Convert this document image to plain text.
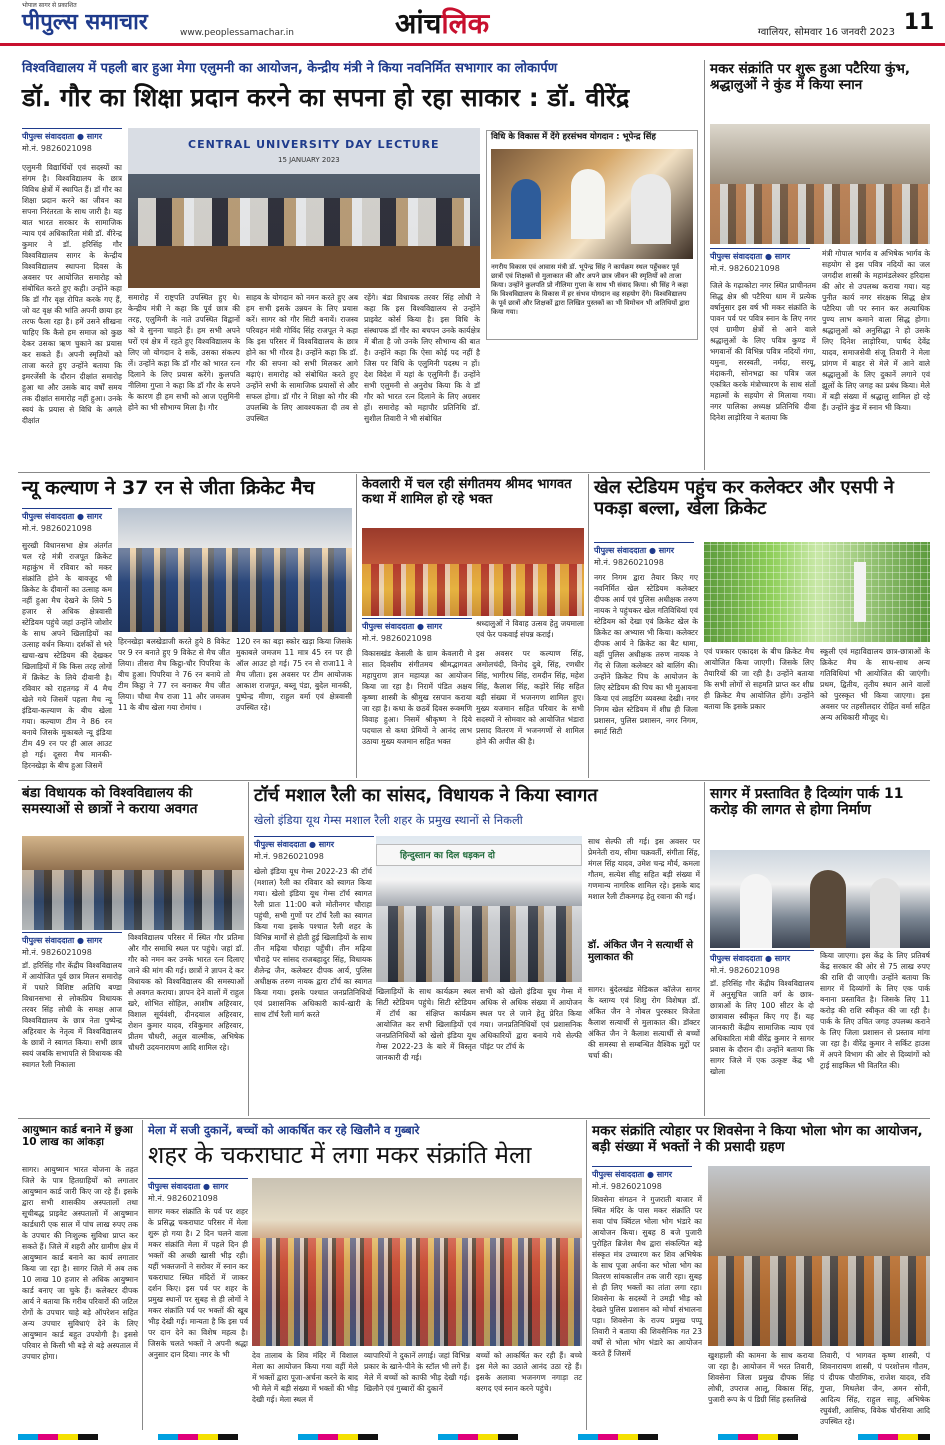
भोपाल सागर से प्रकाशित
पीपुल्स समाचार	www.peoplessamachar.in	आंचलिक	ग्वालियर, सोमवार 16 जनवरी 2023 11
विश्वविद्यालय में पहली बार हुआ मेगा एलुमनी का आयोजन, केन्द्रीय मंत्री ने किया नवनिर्मित सभागार का लोकार्पण
डॉ. गौर का शिक्षा प्रदान करने का सपना हो रहा साकार : डॉ. वीरेंद्र
पीपुल्स संवाददाता ● सागर
मो.नं. 9826021098	CENTRAL UNIVERSITY DAY LECTURE
15 JANUARY 2023
एलुमनी विद्यार्थियों एवं सदस्यों का संगम है। विश्वविद्यालय के छात्र विविध क्षेत्रों में स्थापित हैं। डॉ गौर का शिक्षा प्रदान करने का जीवन का सपना निरंतरता के साथ जारी है। यह बात भारत सरकार के सामाजिक न्याय एवं अधिकारिता मंत्री डॉ. वीरेन्द्र कुमार ने डॉ. हरिसिंह गौर विश्वविद्यालय सागर के केन्द्रीय विश्वविद्यालय स्थापना दिवस के अवसर पर आयोजित समारोह को संबोधित करते हुए कही। उन्होंने कहा कि डॉ गौर वृक्ष रोपित करके गए हैं, जो वट वृक्ष की भांति अपनी छाया हर तरफ फैला रहा है। हमें उसने सीखना चाहिए कि कैसे हम समाज को कुछ देकर उसका ऋण चुकाने का प्रयास कर सकते हैं। अपनी स्मृतियों को ताजा करते हुए उन्होंने बताया कि इमरजेंसी के दौरान दीक्षांत समारोह हुआ था और उसके बाद वर्षों समय तक दीक्षांत समारोह नहीं हुआ। उनके स्वयं के प्रयास से विधि के अगले दीक्षांत
समारोह में राष्ट्रपति उपस्थित हुए थे। केन्द्रीय मंत्री ने कहा कि पूर्व छात्र की तरह, एलुमिनी के नाते उपस्थित विद्वानों को वे सुनना चाहते हैं। हम सभी अपने घरों एवं क्षेत्र में रहते हुए विश्वविद्यालय के लिए जो योगदान दे सकें, उसका संकल्प लें। उन्होंने कहा कि डॉ गौर को भारत रत्न दिलाने के लिए प्रयास करेंगे। कुलपति नीलिमा गुप्ता ने कहा कि डॉ गौर के सपने के कारण ही हम सभी को आज एलुमिनी होने का भी सौभाग्य मिला है। गौर
साहब के योगदान को नमन करते हुए अब हम सभी इसके उन्नयन के लिए प्रयास करें। सागर को गौर सिटी बनायें। राजस्व परिवहन मंत्री गोविंद सिंह राजपूत ने कहा कि इस परिसर में विश्वविद्यालय के छात्र होने का भी गौरव है। उन्होंने कहा कि डॉ. गौर की सपना को सभी मिलकर आगे बढ़ाएं। समारोह को संबोधित करते हुए उन्होंने सभी के सामाजिक प्रयासों से और सफल होगा। डॉ गौर ने शिक्षा को गौर की उपलब्धि के लिए आवश्यकता दी तब से उपस्थित
रहेंगे। बंडा विधायक तरवर सिंह लोधी ने कहा कि इस विश्वविद्यालय से उन्होंने प्राइवेट कोर्स किया है। इस विधि के संस्थापक डॉ गौर का बचपन उनके कार्यक्षेत्र में बीता है जो उनके लिए सौभाग्य की बात है। उन्होंने कहा कि ऐसा कोई पद नहीं है जिस पर विधि के एलुमिनी पदस्थ न हों। देश विदेश में यहां के एलुमिनी हैं। उन्होंने सभी एलुमनी से अनुरोध किया कि वे डॉ गौर को भारत रत्न दिलाने के लिए अग्रसर हों। समारोह को महापौर प्रतिनिधि डॉ. सुशील तिवारी ने भी संबोधित
विधि के विकास में देंगे हरसंभव योगदान : भूपेन्द्र सिंह
नगरीय विकास एवं आवास मंत्री डॉ. भूपेन्द्र सिंह ने कार्यक्रम स्थल पहुँचकर पूर्व छात्रों एवं शिक्षकों से मुलाकात की और अपने छात्र जीवन की स्मृतियों को ताजा किया। उन्होंने कुलपति प्रो नीलिमा गुप्ता के साथ भी संवाद किया। श्री सिंह ने कहा कि विश्वविद्यालय के विकास में हर संभव योगदान वह सहयोग देंगे। विश्वविद्यालय के पूर्व छात्रों और शिक्षकों द्वारा लिखित पुस्तकों का भी विमोचन भी अतिथियों द्वारा किया गया।
मकर संक्रांति पर शुरू हुआ पटैरिया कुंभ, श्रद्धालुओं ने कुंड में किया स्नान
पीपुल्स संवाददाता ● सागर
मो.नं. 9826021098
जिले के गढ़ाकोटा नगर स्थित प्राचीनतम सिद्ध क्षेत्र श्री पटैरिया धाम में प्रत्येक वर्षानुसार इस वर्ष भी मकर संक्रांति के पावन पर्व पर पवित्र स्नान के लिए नगर एवं ग्रामीण क्षेत्रों से आने वाले श्रद्धालुओं के लिए पवित्र कुण्ड में भगवानों की विभिन्न पवित्र नदियों गंगा, यमुना, सरस्वती, नर्मदा, सरयू, मंदाकनी, सोनभद्रा का पवित्र जल एकत्रित करके मंत्रोच्चारण के साथ संतों महात्मों के सहयोग से मिलाया गया। नगर पालिका अध्यक्ष प्रतिनिधि दीवा दिनेश लाड़ोरिया ने बताया कि
मंत्री गोपाल भार्गव व अभिषेक भार्गव के सहयोग से इस पवित्र नदियों का जल जगदीश शास्त्री के महामंडलेश्वर हरिदास की ओर से उपलब्ध कराया गया। यह पुनीत कार्य नगर संरक्षक सिद्ध क्षेत्र पटैरिया जी पर स्नान कर अत्याधिक पुण्य लाभ कमाने वाला सिद्ध होगा। श्रद्धालुओं को अनुसिद्धा ने हो उसके लिए दिनेश लाड़ोरिया, पार्षद देवेंद्र यादव, समाजसेवी संजू तिवारी ने मेला प्रांगण में बाहर से मेले में आने वाले श्रद्धालुओं के लिए दुकानें लगाने एवं झूलों के लिए जगह का प्रबंध किया। मेले में बड़ी संख्या में श्रद्धालु शामिल हो रहे हैं। उन्होंने कुंड में स्नान भी किया।
न्यू कल्याण ने 37 रन से जीता क्रिकेट मैच
पीपुल्स संवाददाता ● सागर
मो.नं. 9826021098
सुरखी विधानसभा क्षेत्र अंतर्गत चल रहे मंत्री राजपूत क्रिकेट महाकुंभ में रविवार को मकर संक्रांति होने के बावजूद भी क्रिकेट के दीवानों का उत्साह कम नहीं हुआ मैच देखने के लिये 5 हजार से अधिक क्षेत्रवासी स्टेडियम पहुंचे जहां उन्होंने जोशोर के साथ अपने खिलाड़ियों का उत्साह वर्धन किया। दर्शकों से भरे खचा-खच स्टेडियम की देखकर खिलाड़ियों में कि किस तरह लोगों में क्रिकेट के लिये दीवानी है। रविवार को राहतगढ़ में 4 मैच खेले गये जिसमें पहला मैच न्यू इंडिया-कल्याण के बीच खेला गया। कल्याण टीम ने 86 रन बनाये जिसके मुकाबले न्यू इंडिया टीम 49 रन पर ही आल आउट हो गई। दूसरा मैच मानकी-हिरनखेड़ा के बीच हुआ जिसमें
हिरनखेड़ा बलखेडाजी करते हुये 8 विकेट पर 9 रन बनाते हुए 9 विकेट से मैच जीत लिया। तीसरा मैच किट्ठा-चौर पिपरिया के बीच हुआ। पिपरिया ने 76 रन बनाये तो टीम किट्ठा ने 77 रन बनाकर मैच जीत लिया। चौथा मैच राजा 11 और जमजम 11 के बीच खेला गया रोमांच ।
120 रन का बड़ा स्कोर खड़ा किया जिसके मुकाबले जमजम 11 मात्र 45 रन पर ही ऑल आउट हो गई। 75 रन से राजा11 ने मैच जीता। इस अवसर पर टीम आयोजक आकाश राजपूत, बब्लू पंडा, बुदेल मानकी, पुष्पेन्द्र मीणा, राहुल वर्मा एवं क्षेत्रवासी उपस्थित रहे।
केवलारी में चल रही संगीतमय श्रीमद भागवत कथा में शामिल हो रहे भक्त
पीपुल्स संवाददाता ● सागर
मो.नं. 9826021098
श्रध्दालुओं ने विवाह उत्सव हेतु जयमाला एवं फेर पकवाई संपन्न कराई।
विकासखंड केसली के ग्राम केवलारी मे सात दिवसीय संगीतमय श्रीमद्भागवत महापुराण ज्ञान महायज्ञ का आयोजन किया जा रहा है। निरामें पंडित अक्षय कृष्णा शास्त्री के श्रीमुख रसपान कराया जा रहा है। कथा के छठवें दिवस रूक्मणि विवाह हुआ। निसमें श्रीकृष्ण ने दिये पदचाल से कथा प्रेमियों ने आनंद लाभ उठाया मुख्य यजमान सहित भक्त
इस अवसर पर कल्याण सिंह, अमोलचंदी, विनोद दुबे, सिंह, रणधीर सिंह, भागीरथ सिंह, रामदीन सिंह, महेश सिंह, कैलाश सिंह, कड़ोरे सिंह सहित बड़ी संख्या में भजनगण शामिल हुए। मुख्य यजमान सहित परिवार के सभी सदस्यों ने सोमवार को आयोजित भंडारा प्रसाद वितरण में भजनगणों से शामिल होने की अपील की है।
खेल स्टेडियम पहुंच कर कलेक्टर और एसपी ने पकड़ा बल्ला, खेला क्रिकेट
पीपुल्स संवाददाता ● सागर
मो.नं. 9826021098
नगर निगम द्वारा तैयार किए गए नवनिर्मित खेल स्टेडियम कलेक्टर दीपक आर्य एवं पुलिस अधीक्षक तरुण नायक ने पहुंचकर खेल गतिविधियां एवं स्टेडियम को देखा एवं क्रिकेट खेल के क्रिकेट का अभ्यास भी किया। कलेक्टर दीपक आर्य ने क्रिकेट का बैट थामा, वहीं पुलिस अधीक्षक तरुण नायक ने गेंद से जिला कलेक्टर को बालिंग की। उन्होंने क्रिकेट पिच के आयोजन के लिए स्टेडियम की पिच का भी मुआयना किया एवं लाइटिंग व्यवस्था देखी। नगर निगम खेल स्टेडियम में शीघ्र ही जिला प्रशासन, पुलिस प्रशासन, नगर निगम, स्मार्ट सिटी
एवं पत्रकार एकादश के बीच क्रिकेट मैच आयोजित किया जाएगी। जिसके लिए तैयारियों की जा रही है। उन्होंने बताया कि सभी लोगों से सहमति प्राप्त कर शीघ्र ही क्रिकेट मैच आयोजित होंगे। उन्होंने बताया कि इसके प्रकार
स्कूली एवं महाविद्यालय छात्र-छात्राओं के क्रिकेट मैच के साथ-साथ अन्य गतिविधियां भी आयोजित की जाएंगी। प्रथम, द्वितीय, तृतीय स्थान आने वालों को पुरस्कृत भी किया जाएगा। इस अवसर पर तहसीलदार रोहित वर्मा सहित अन्य अधिकारी मौजूद थे।
बंडा विधायक को विश्वविद्यालय की समस्याओं से छात्रों ने कराया अवगत
पीपुल्स संवाददाता ● सागर
मो.नं. 9826021098
डॉ. हरिसिंह गौर केंद्रीय विश्वविद्यालय में आयोजित पूर्व छात्र मिलन समारोह में पधारे विशिष्ट अतिथि बण्डा विधानसभा से लोकप्रिय विधायक तरवर सिंह लोधी के समक्ष आज विश्वविद्यालय के छात्र नेता पुष्पेन्द्र अहिरवार के नेतृत्व में विश्वविद्यालय के छात्रों ने स्वागत किया। सभी छात्र स्वयं जबकि सभापति से विधायक की स्वागत रैली निकाला
विश्वविद्यालय परिसर में स्थित गौर प्रतिमा और गौर समाधि स्थल पर पहुंचे। जहां डॉ. गौर को नमन कर उनके भारत रत्न दिलाए जाने की मांग की गई। छात्रों ने ज्ञापन दे कर विधायक को विश्वविद्यालय की समस्याओं से अवगत कराया। ज्ञापन देने वालों में राहुल खरे, शोभित सोहिल, आशीष अहिरवार, विशाल सूर्यवंशी, दीनदयाल अहिरवार, रोशन कुमार यादव, रविकुमार अहिरवार, प्रीतम चौधरी, अतुल वाल्मीक, अभिषेक चौधरी उदयनारायण आदि शामिल रहे।
टॉर्च मशाल रैली का सांसद, विधायक ने किया स्वागत
खेलो इंडिया यूथ गेम्स मशाल रैली शहर के प्रमुख स्थानों से निकली
पीपुल्स संवाददाता ● सागर
मो.नं. 9826021098	हिन्दुस्तान का दिल धड़कन दो
खेलो इंडिया यूथ गेम्स 2022-23 की टॉर्च (मशाल) रैली का रविवार को स्वागत किया गया। खेलो इंडिया यूथ गेम्स टॉर्च स्वागत रैली प्रातः 11:00 बजे मोतीनगर चौराहा पहुंची, सभी गुणों पर टॉर्च रैली का स्वागत किया गया इसके पश्चात रैली शहर के विभिन्न मार्गों से होती हुई खिलाड़ियों के साथ तीन मढ़िया चौराहा पहुँची। तीन मढ़िया चौराहे पर सांसद राजबहादुर सिंह, विधायक शैलेन्द्र जैन, कलेक्टर दीपक आर्य, पुलिस अधीक्षक तरुण नायक द्वारा टॉर्च का स्वागत किया गया। इसके पश्चात जनप्रतिनिधियों एवं प्रशासनिक अधिकारी कार्य-खारी के साथ टॉर्च रैली मार्ग करते
खिलाड़ियों के साथ कार्यक्रम स्थल सिटी स्टेडियम पहुंचे। सिटी स्टेडियम में टॉर्च का संक्षिप्त कार्यक्रम आयोजित कर सभी खिलाड़ियों एवं जनप्रतिनिधियों को खेलो इंडिया यूथ गेम्स 2022-23 के बारे में विस्तृत जानकारी दी गई।
सभी को खेलो इंडिया यूथ गेम्स में अधिक से अधिक संख्या में आयोजन स्थल पर ले जाने हेतु प्रेरित किया गया। जनप्रतिनिधियों एवं प्रशासनिक अधिकारियों द्वारा बनाये गये सेल्फी पॉइंट पर टॉर्च के
साथ सेल्फी ली गई। इस अवसर पर प्रेमनेती राय, सीमा चक्रवर्ती, संगीता सिंह, मंगल सिंह यादव, उमेश चन्द्र मौर्य, कमला गौतम, सत्येश सीहृ सहित बड़ी संख्या में गणमान्य नागरिक शामिल रहे। इसके बाद मशाल रैली टीकमगढ़ हेतु रवाना की गई।
डॉ. अंकित जैन ने सत्यार्थी से मुलाकात की
सागर। बुंदेलखंड मेडिकल कॉलेज सागर के ब्लाग्य एवं शिशु रोग विशेषज्ञ डॉ. अंकित जैन ने नोबल पुरस्कार विजेता कैलाश सत्यार्थी से मुलाकात की। डॉक्टर अंकित जैन ने कैलाश सत्यार्थी से बच्चों की समस्या से सम्बन्धित वैश्विक मुद्दों पर चर्चा की।
सागर में प्रस्तावित है दिव्यांग पार्क 11 करोड़ की लागत से होगा निर्माण
पीपुल्स संवाददाता ● सागर
मो.नं. 9826021098
डॉ. हरिसिंह गौर केंद्रीय विश्वविद्यालय में अनुसूचित जाति वर्ग के छात्र-छात्राओं के लिए 100 सीटर के दो छात्रावास स्वीकृत किए गए हैं। यह जानकारी केंद्रीय सामाजिक न्याय एवं अधिकारिता मंत्री वीरेंद्र कुमार ने सागर प्रवास के दौरान दी। उन्होंने बताया कि सागर जिले में एक उत्कृष्ट केंद्र भी खोला
किया जाएगा। इस केंद्र के लिए प्रतिवर्ष केंद्र सरकार की ओर से 75 लाख रुपए की राशि दी जाएगी। उन्होंने बताया कि सागर में दिव्यांगों के लिए एक पार्क बनाना प्रस्तावित है। जिसके लिए 11 करोड़ की राशि स्वीकृत की जा रही है। पार्क के लिए उचित जगह उपलब्ध कराने के लिए जिला प्रशासन से प्रस्ताव मांगा जा रहा है। वीरेंद्र कुमार ने सर्किट हाउस में अपने विभाग की ओर से दिव्यांगों को ट्राई साइकिल भी वितरित की।
आयुष्मान कार्ड बनाने में छुआ 10 लाख का आंकड़ा
सागर। आयुष्मान भारत योजना के तहत जिले के पात्र हितग्राहियों को लगातार आयुष्मान कार्ड जारी किए जा रहे हैं। इसके द्वारा सभी शासकीय अस्पतालों तथा सूचीबद्ध प्राइवेट अस्पतालों में आयुष्मान कार्डधारी एक साल में पांच लाख रुपए तक के उपचार की निःशुल्क सुविधा प्राप्त कर सकते हैं। जिले में शहरी और ग्रामीण क्षेत्र में आयुष्मान कार्ड बनाने का कार्य लगातार किया जा रहा है। सागर जिले में अब तक 10 लाख 10 हजार से अधिक आयुष्मान कार्ड बनाए जा चुके हैं। कलेक्टर दीपक आर्य ने बताया कि गरीब परिवारों की जटिल रोगों के उपचार चाहे बड़े ऑपरेशन सहित अन्य उपचार सुविधाएं देने के लिए आयुष्मान कार्ड बहुत उपयोगी है। इससे परिवार से किसी भी बड़े से बड़े अस्पताल में उपचार होगा।
मेला में सजी दुकानें, बच्चों को आकर्षित कर रहे खिलौने व गुब्बारे
शहर के चकराघाट में लगा मकर संक्रांति मेला
पीपुल्स संवाददाता ● सागर
मो.नं. 9826021098
सागर मकर संक्रांति के पर्व पर शहर के प्रसिद्ध चकराघाट परिसर में मेला शुरू हो गया है। 2 दिन चलने वाला मकर संक्रांति मेला में पहले दिन ही भक्तों की अच्छी खासी भीड़ रही। यहीं भक्तजनों ने सरोवर में स्नान कर चकराघाट स्थित मंदिरों में जाकर दर्शन किए। इस पर्व पर शहर के प्रमुख स्थानों पर सुबह से ही लोगों ने मकर संक्रांति पर्व पर भक्तों की खूब भीड़ देखी गई। मान्यता है कि इस पर्व पर दान देने का विशेष महत्व है। जिसके चलते भक्तों ने अपनी श्रद्धा अनुसार दान दिया। नगर के भी	देव तालाब के शिव मंदिर में विशाल मेला का आयोजन किया गया वहीं मेले में भक्तों द्वारा पूजा-अर्चना करने के बाद भी मेले में बड़ी संख्या में भक्तों की भीड़ देखी गई। मेला स्थल में
व्यापारियों ने दुकानें लगाई। जहां विभिन्न प्रकार के खाने-पीने के स्टॉल भी लगे हैं। मेले में बच्चों को काफी भीड़ देखी गई। खिलौने एवं गुब्बारों की दुकानें
बच्चों को आकर्षित कर रही हैं। बच्चे इस मेले का उठाते आनंद उठा रहे हैं। इसके अलावा भजनगण नगाड़ा तट बरगद एवं स्नान करने पहुंचे।
मकर संक्रांति त्योहार पर शिवसेना ने किया भोला भोग का आयोजन, बड़ी संख्या में भक्तों ने की प्रसादी ग्रहण
पीपुल्स संवाददाता ● सागर
मो.नं. 9826021098
शिवसेना संगठन ने गुजराती बाजार में स्थित मंदिर के पास मकर संक्रांति पर सवा पांच क्विंटल भोला भोग भंडारे का आयोजन किया। सुबह 8 बजे पुजारी पुरोहित ब्रिजेश मैथ द्वारा संकल्पित बड़े संस्कृत मंत्र उच्चारण कर शिव अभिषेक के साथ पूजा अर्चना कर भोला भोग का वितरण सांयकालीन तक जारी रहा। सुबह से ही लिए भक्तों का तांता लगा रहा। शिवसेना के सदस्यों ने उमड़ी भीड़ को देखते पुलिस प्रशासन को मोर्चा संभालना पड़ा। शिवसेना के राज्य प्रमुख पप्पू तिवारी ने बताया की शिवसैनिक गत 23 वर्षों से भोला भोग भंडारे का आयोजन करते हैं जिसमें	खुशहाली की कामना के साथ कराया जा रहा है। आयोजन में भरत तिवारी, शिवसेना जिला प्रमुख दीपक सिंह लोधी, उपराज आलू, विकास सिंह, पुजारी रूप के पं डिग्री सिंह हस्तलिखे
तिवारी, पं भागवत कृष्ण शास्त्री, पं शिवनारायण शास्त्री, पं परशोत्तम गौतम, पं दीपक पौराणिक, राजेश यादव, रवि गुप्ता, मिथलेश जैन, अमन सोनी, आदित्य सिंह, राहुल साहू, अभिषेक रघुवंशी, आसिफ, विवेक चौरसिया आदि उपस्थित रहे।
